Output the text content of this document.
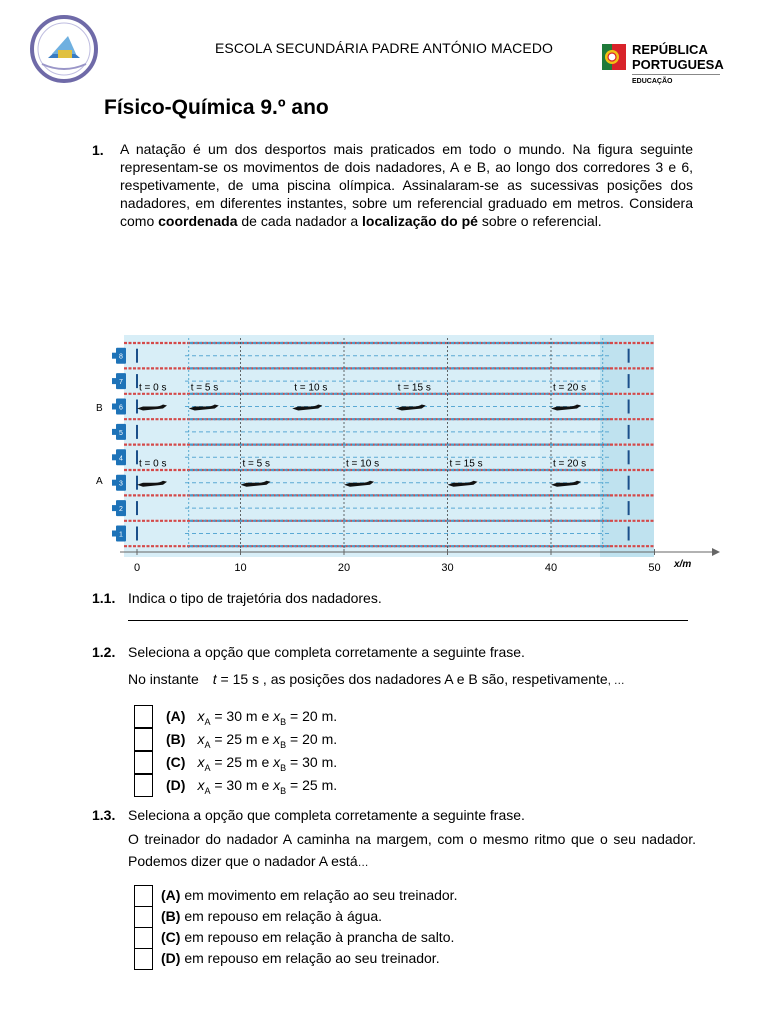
ESCOLA SECUNDÁRIA PADRE ANTÓNIO MACEDO	REPÚBLICA
PORTUGUESA
EDUCAÇÃO
Físico-Química 9.º ano
1. A natação é um dos desportos mais praticados em todo o mundo. Na figura seguinte representam-se os movimentos de dois nadadores, A e B, ao longo dos corredores 3 e 6, respetivamente, de uma piscina olímpica. Assinalaram-se as sucessivas posições dos nadadores, em diferentes instantes, sobre um referencial graduado em metros. Considera como coordenada de cada nadador a localização do pé sobre o referencial.
8
7
6
5
4
3
2
1
t = 0 s t = 5 s	t = 10 s	t = 15 s	t = 20 s
t = 0 s	t = 5 s	t = 10 s	t = 15 s	t = 20 s
0	10	20	30	40	50 x/m
B
A
1.1. Indica o tipo de trajetória dos nadadores.
1.2. Seleciona a opção que completa corretamente a seguinte frase.
No instante t = 15 s , as posições dos nadadores A e B são, respetivamente, …
(A) $x_A = 30$ m e $x_B = 20$ m.
(B) $x_A = 25$ m e $x_B = 20$ m.
(C) $x_A = 25$ m e $x_B = 30$ m.
(D) $x_A = 30$ m e $x_B = 25$ m.
1.3. Seleciona a opção que completa corretamente a seguinte frase.
O treinador do nadador A caminha na margem, com o mesmo ritmo que o seu nadador. Podemos dizer que o nadador A está…
(A) em movimento em relação ao seu treinador.
(B) em repouso em relação à água.
(C) em repouso em relação à prancha de salto.
(D) em repouso em relação ao seu treinador.
